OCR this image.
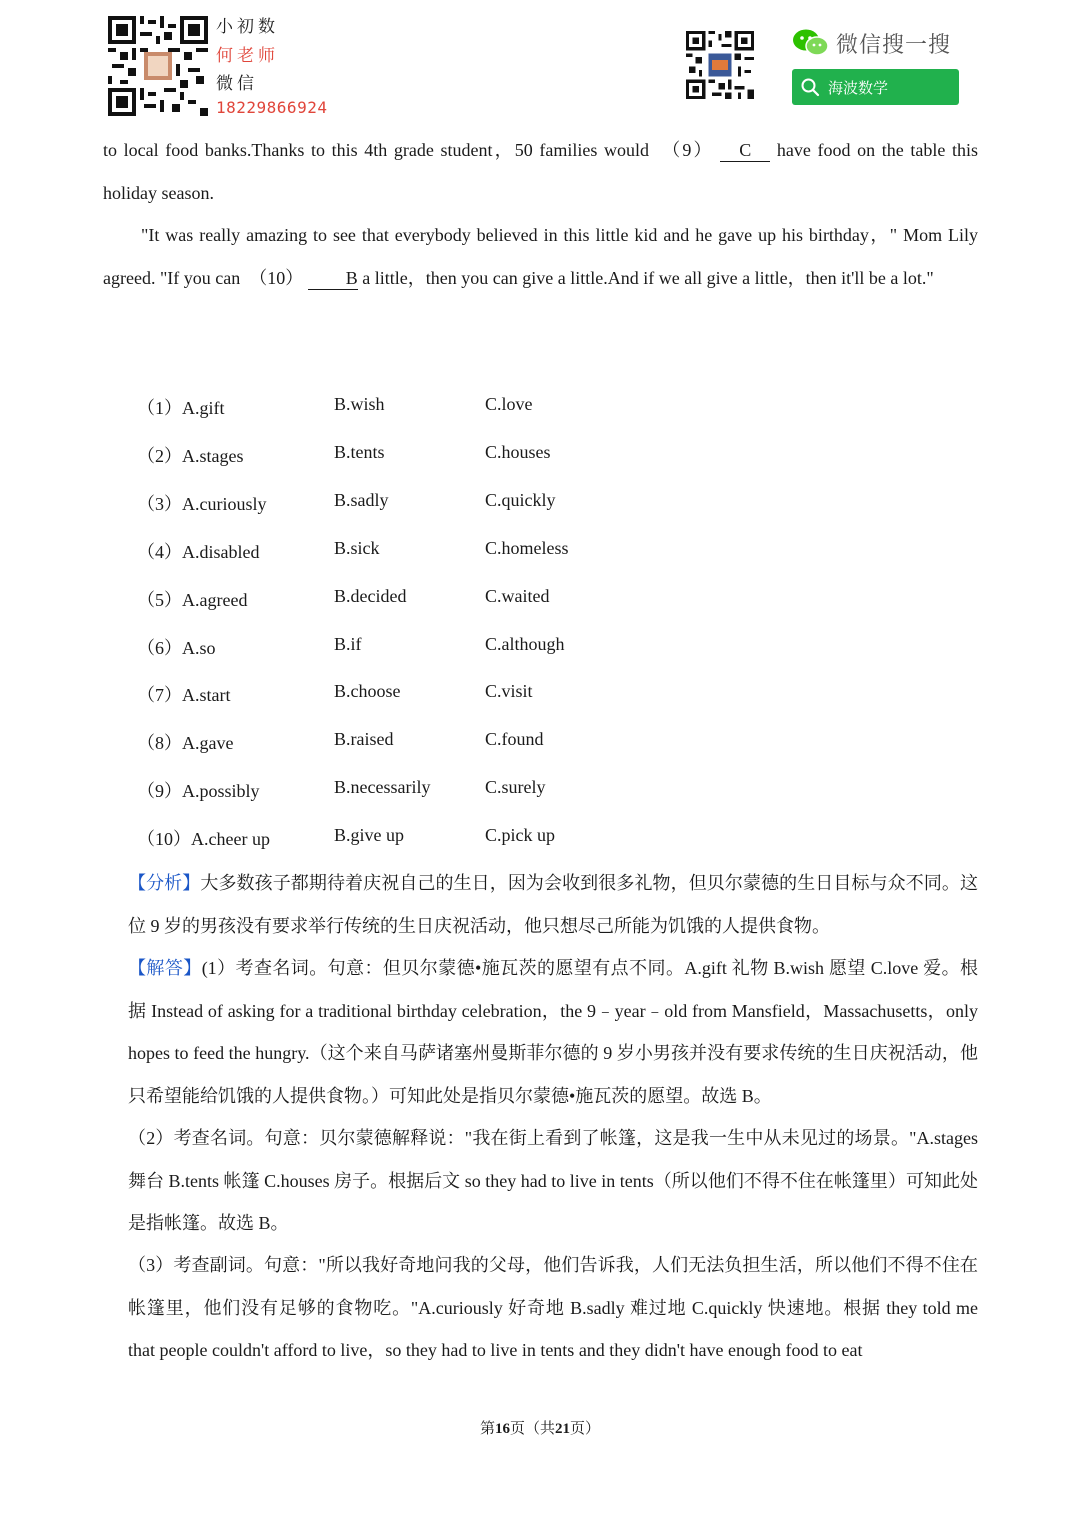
小初数
何老师
微信
18229866924
微信搜一搜
海波数学
to local food banks.Thanks to this 4th grade student，50 families would　（9） C have food on the table this holiday season.
"It was really amazing to see that everybody believed in this little kid and he gave up his birthday，" Mom Lily agreed. "If you can　（10） B a little，then you can give a little.And if we all give a little，then it'll be a lot."
（1）A.gift	B.wish	C.love
（2）A.stages	B.tents	C.houses
（3）A.curiously	B.sadly	C.quickly
（4）A.disabled	B.sick	C.homeless
（5）A.agreed	B.decided	C.waited
（6）A.so	B.if	C.although
（7）A.start	B.choose	C.visit
（8）A.gave	B.raised	C.found
（9）A.possibly	B.necessarily	C.surely
（10）A.cheer up	B.give up	C.pick up
【分析】大多数孩子都期待着庆祝自己的生日，因为会收到很多礼物，但贝尔蒙德的生日目标与众不同。这位 9 岁的男孩没有要求举行传统的生日庆祝活动，他只想尽己所能为饥饿的人提供食物。
【解答】(1）考查名词。句意：但贝尔蒙德•施瓦茨的愿望有点不同。A.gift 礼物 B.wish 愿望 C.love 爱。根据 Instead of asking for a traditional birthday celebration，the 9﹣year﹣old from Mansfield，Massachusetts，only hopes to feed the hungry.（这个来自马萨诸塞州曼斯菲尔德的 9 岁小男孩并没有要求传统的生日庆祝活动，他只希望能给饥饿的人提供食物。）可知此处是指贝尔蒙德•施瓦茨的愿望。故选 B。
（2）考查名词。句意：贝尔蒙德解释说："我在街上看到了帐篷，这是我一生中从未见过的场景。"A.stages 舞台 B.tents 帐篷 C.houses 房子。根据后文 so they had to live in tents（所以他们不得不住在帐篷里）可知此处是指帐篷。故选 B。
（3）考查副词。句意："所以我好奇地问我的父母，他们告诉我，人们无法负担生活，所以他们不得不住在帐篷里，他们没有足够的食物吃。"A.curiously 好奇地 B.sadly 难过地 C.quickly 快速地。根据 they told me that people couldn't afford to live，so they had to live in tents and they didn't have enough food to eat
第16页（共21页）
